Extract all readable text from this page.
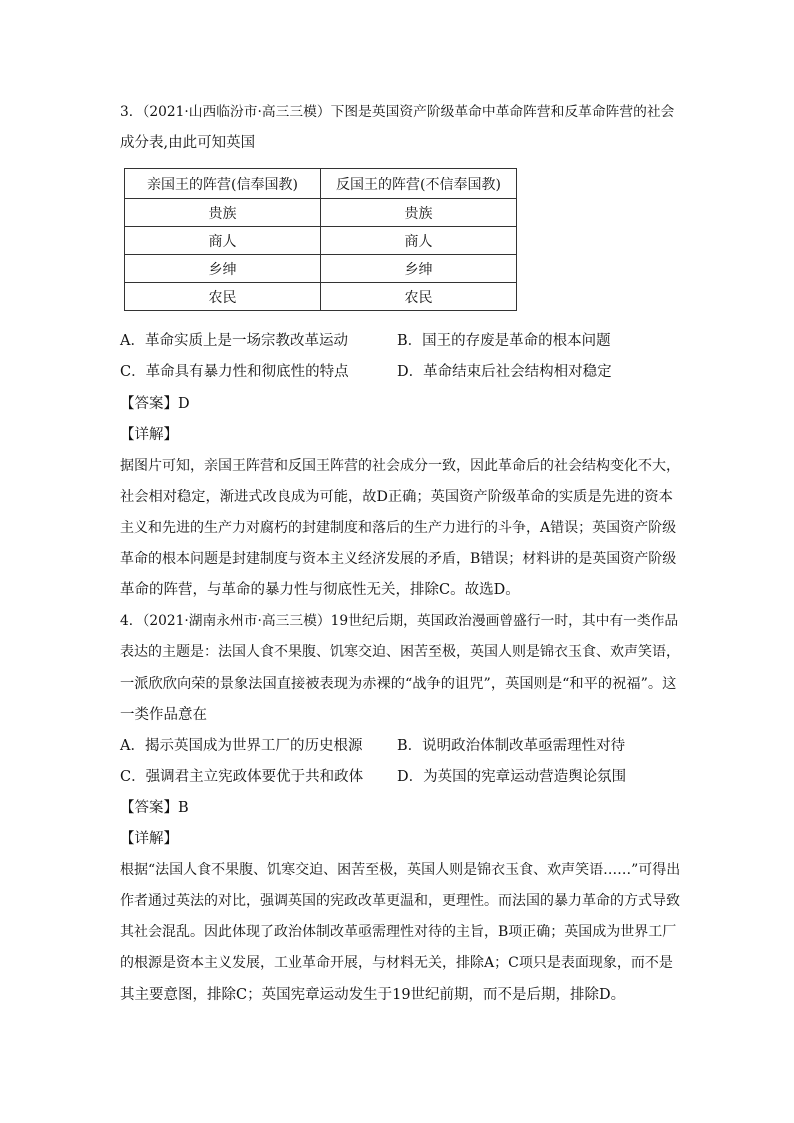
3．（2021·山西临汾市·高三三模）下图是英国资产阶级革命中革命阵营和反革命阵营的社会
成分表,由此可知英国
亲国王的阵营(信奉国教)	反国王的阵营(不信奉国教)
贵族	贵族
商人	商人
乡绅	乡绅
农民	农民
A．革命实质上是一场宗教改革运动	B．国王的存废是革命的根本问题
C．革命具有暴力性和彻底性的特点	D．革命结束后社会结构相对稳定
【答案】D
【详解】
据图片可知，亲国王阵营和反国王阵营的社会成分一致，因此革命后的社会结构变化不大，
社会相对稳定，渐进式改良成为可能，故D正确；英国资产阶级革命的实质是先进的资本
主义和先进的生产力对腐朽的封建制度和落后的生产力进行的斗争，A错误；英国资产阶级
革命的根本问题是封建制度与资本主义经济发展的矛盾，B错误；材料讲的是英国资产阶级
革命的阵营，与革命的暴力性与彻底性无关，排除C。故选D。
4．（2021·湖南永州市·高三三模）19世纪后期，英国政治漫画曾盛行一时，其中有一类作品
表达的主题是：法国人食不果腹、饥寒交迫、困苦至极，英国人则是锦衣玉食、欢声笑语，
一派欣欣向荣的景象法国直接被表现为赤裸的“战争的诅咒”，英国则是“和平的祝福”。这
一类作品意在
A．揭示英国成为世界工厂的历史根源 B．说明政治体制改革亟需理性对待
C．强调君主立宪政体要优于共和政体 D．为英国的宪章运动营造舆论氛围
【答案】B
【详解】
根据“法国人食不果腹、饥寒交迫、困苦至极，英国人则是锦衣玉食、欢声笑语……”可得出
作者通过英法的对比，强调英国的宪政改革更温和，更理性。而法国的暴力革命的方式导致
其社会混乱。因此体现了政治体制改革亟需理性对待的主旨，B项正确；英国成为世界工厂
的根源是资本主义发展，工业革命开展，与材料无关，排除A；C项只是表面现象，而不是
其主要意图，排除C；英国宪章运动发生于19世纪前期，而不是后期，排除D。
